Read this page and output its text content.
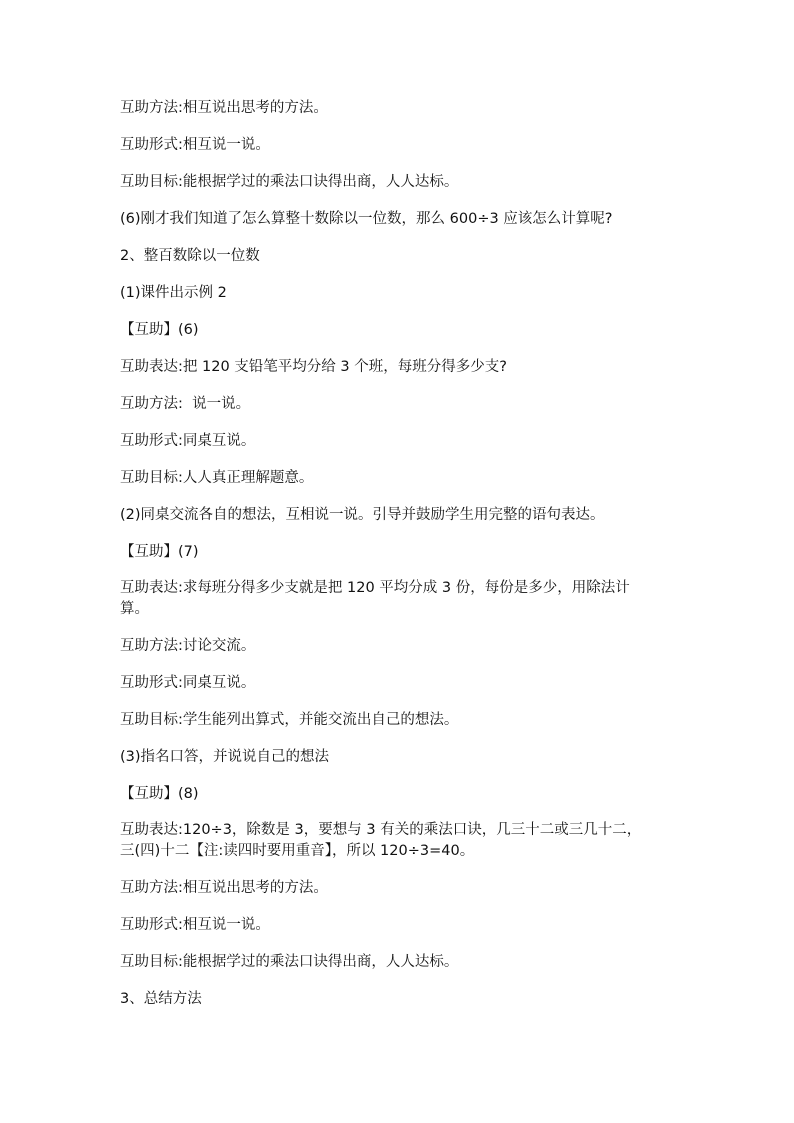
互助方法:相互说出思考的方法。

互助形式:相互说一说。

互助目标:能根据学过的乘法口诀得出商，人人达标。

(6)刚才我们知道了怎么算整十数除以一位数，那么 600÷3 应该怎么计算呢?

2、整百数除以一位数

(1)课件出示例 2

【互助】(6)

互助表达:把 120 支铅笔平均分给 3 个班，每班分得多少支?

互助方法:  说一说。

互助形式:同桌互说。

互助目标:人人真正理解题意。

(2)同桌交流各自的想法，互相说一说。引导并鼓励学生用完整的语句表达。

【互助】(7)

互助表达:求每班分得多少支就是把 120 平均分成 3 份，每份是多少，用除法计
算。

互助方法:讨论交流。

互助形式:同桌互说。

互助目标:学生能列出算式，并能交流出自己的想法。

(3)指名口答，并说说自己的想法

【互助】(8)

互助表达:120÷3，除数是 3，要想与 3 有关的乘法口诀，几三十二或三几十二，
三(四)十二【注:读四时要用重音】，所以 120÷3=40。

互助方法:相互说出思考的方法。

互助形式:相互说一说。

互助目标:能根据学过的乘法口诀得出商，人人达标。

3、总结方法
